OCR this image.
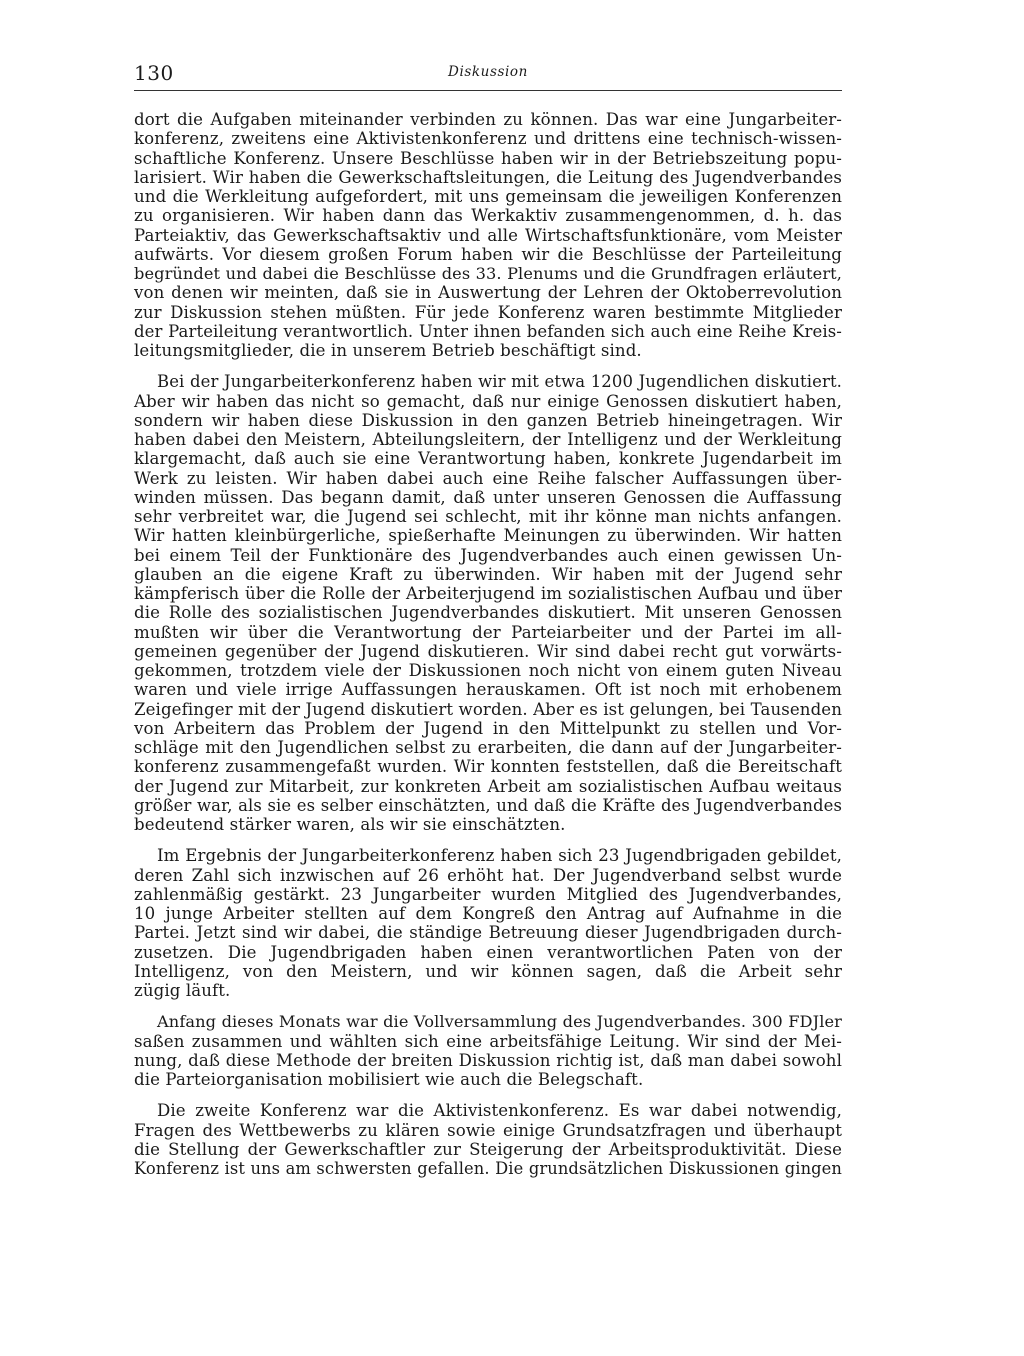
130	Diskussion
dort die Aufgaben miteinander verbinden zu können. Das war eine Jungarbeiter-
konferenz, zweitens eine Aktivistenkonferenz und drittens eine technisch-wissen-
schaftliche Konferenz. Unsere Beschlüsse haben wir in der Betriebszeitung popu-
larisiert. Wir haben die Gewerkschaftsleitungen, die Leitung des Jugendverbandes
und die Werkleitung aufgefordert, mit uns gemeinsam die jeweiligen Konferenzen
zu organisieren. Wir haben dann das Werkaktiv zusammengenommen, d. h. das
Parteiaktiv, das Gewerkschaftsaktiv und alle Wirtschaftsfunktionäre, vom Meister
aufwärts. Vor diesem großen Forum haben wir die Beschlüsse der Parteileitung
begründet und dabei die Beschlüsse des 33. Plenums und die Grundfragen erläutert,
von denen wir meinten, daß sie in Auswertung der Lehren der Oktoberrevolution
zur Diskussion stehen müßten. Für jede Konferenz waren bestimmte Mitglieder
der Parteileitung verantwortlich. Unter ihnen befanden sich auch eine Reihe Kreis-
leitungsmitglieder, die in unserem Betrieb beschäftigt sind.
Bei der Jungarbeiterkonferenz haben wir mit etwa 1200 Jugendlichen diskutiert.
Aber wir haben das nicht so gemacht, daß nur einige Genossen diskutiert haben,
sondern wir haben diese Diskussion in den ganzen Betrieb hineingetragen. Wir
haben dabei den Meistern, Abteilungsleitern, der Intelligenz und der Werkleitung
klargemacht, daß auch sie eine Verantwortung haben, konkrete Jugendarbeit im
Werk zu leisten. Wir haben dabei auch eine Reihe falscher Auffassungen über-
winden müssen. Das begann damit, daß unter unseren Genossen die Auffassung
sehr verbreitet war, die Jugend sei schlecht, mit ihr könne man nichts anfangen.
Wir hatten kleinbürgerliche, spießerhafte Meinungen zu überwinden. Wir hatten
bei einem Teil der Funktionäre des Jugendverbandes auch einen gewissen Un-
glauben an die eigene Kraft zu überwinden. Wir haben mit der Jugend sehr
kämpferisch über die Rolle der Arbeiterjugend im sozialistischen Aufbau und über
die Rolle des sozialistischen Jugendverbandes diskutiert. Mit unseren Genossen
mußten wir über die Verantwortung der Parteiarbeiter und der Partei im all-
gemeinen gegenüber der Jugend diskutieren. Wir sind dabei recht gut vorwärts-
gekommen, trotzdem viele der Diskussionen noch nicht von einem guten Niveau
waren und viele irrige Auffassungen herauskamen. Oft ist noch mit erhobenem
Zeigefinger mit der Jugend diskutiert worden. Aber es ist gelungen, bei Tausenden
von Arbeitern das Problem der Jugend in den Mittelpunkt zu stellen und Vor-
schläge mit den Jugendlichen selbst zu erarbeiten, die dann auf der Jungarbeiter-
konferenz zusammengefaßt wurden. Wir konnten feststellen, daß die Bereitschaft
der Jugend zur Mitarbeit, zur konkreten Arbeit am sozialistischen Aufbau weitaus
größer war, als sie es selber einschätzten, und daß die Kräfte des Jugendverbandes
bedeutend stärker waren, als wir sie einschätzten.
Im Ergebnis der Jungarbeiterkonferenz haben sich 23 Jugendbrigaden gebildet,
deren Zahl sich inzwischen auf 26 erhöht hat. Der Jugendverband selbst wurde
zahlenmäßig gestärkt. 23 Jungarbeiter wurden Mitglied des Jugendverbandes,
10 junge Arbeiter stellten auf dem Kongreß den Antrag auf Aufnahme in die
Partei. Jetzt sind wir dabei, die ständige Betreuung dieser Jugendbrigaden durch-
zusetzen. Die Jugendbrigaden haben einen verantwortlichen Paten von der
Intelligenz, von den Meistern, und wir können sagen, daß die Arbeit sehr
zügig läuft.
Anfang dieses Monats war die Vollversammlung des Jugendverbandes. 300 FDJler
saßen zusammen und wählten sich eine arbeitsfähige Leitung. Wir sind der Mei-
nung, daß diese Methode der breiten Diskussion richtig ist, daß man dabei sowohl
die Parteiorganisation mobilisiert wie auch die Belegschaft.
Die zweite Konferenz war die Aktivistenkonferenz. Es war dabei notwendig,
Fragen des Wettbewerbs zu klären sowie einige Grundsatzfragen und überhaupt
die Stellung der Gewerkschaftler zur Steigerung der Arbeitsproduktivität. Diese
Konferenz ist uns am schwersten gefallen. Die grundsätzlichen Diskussionen gingen
